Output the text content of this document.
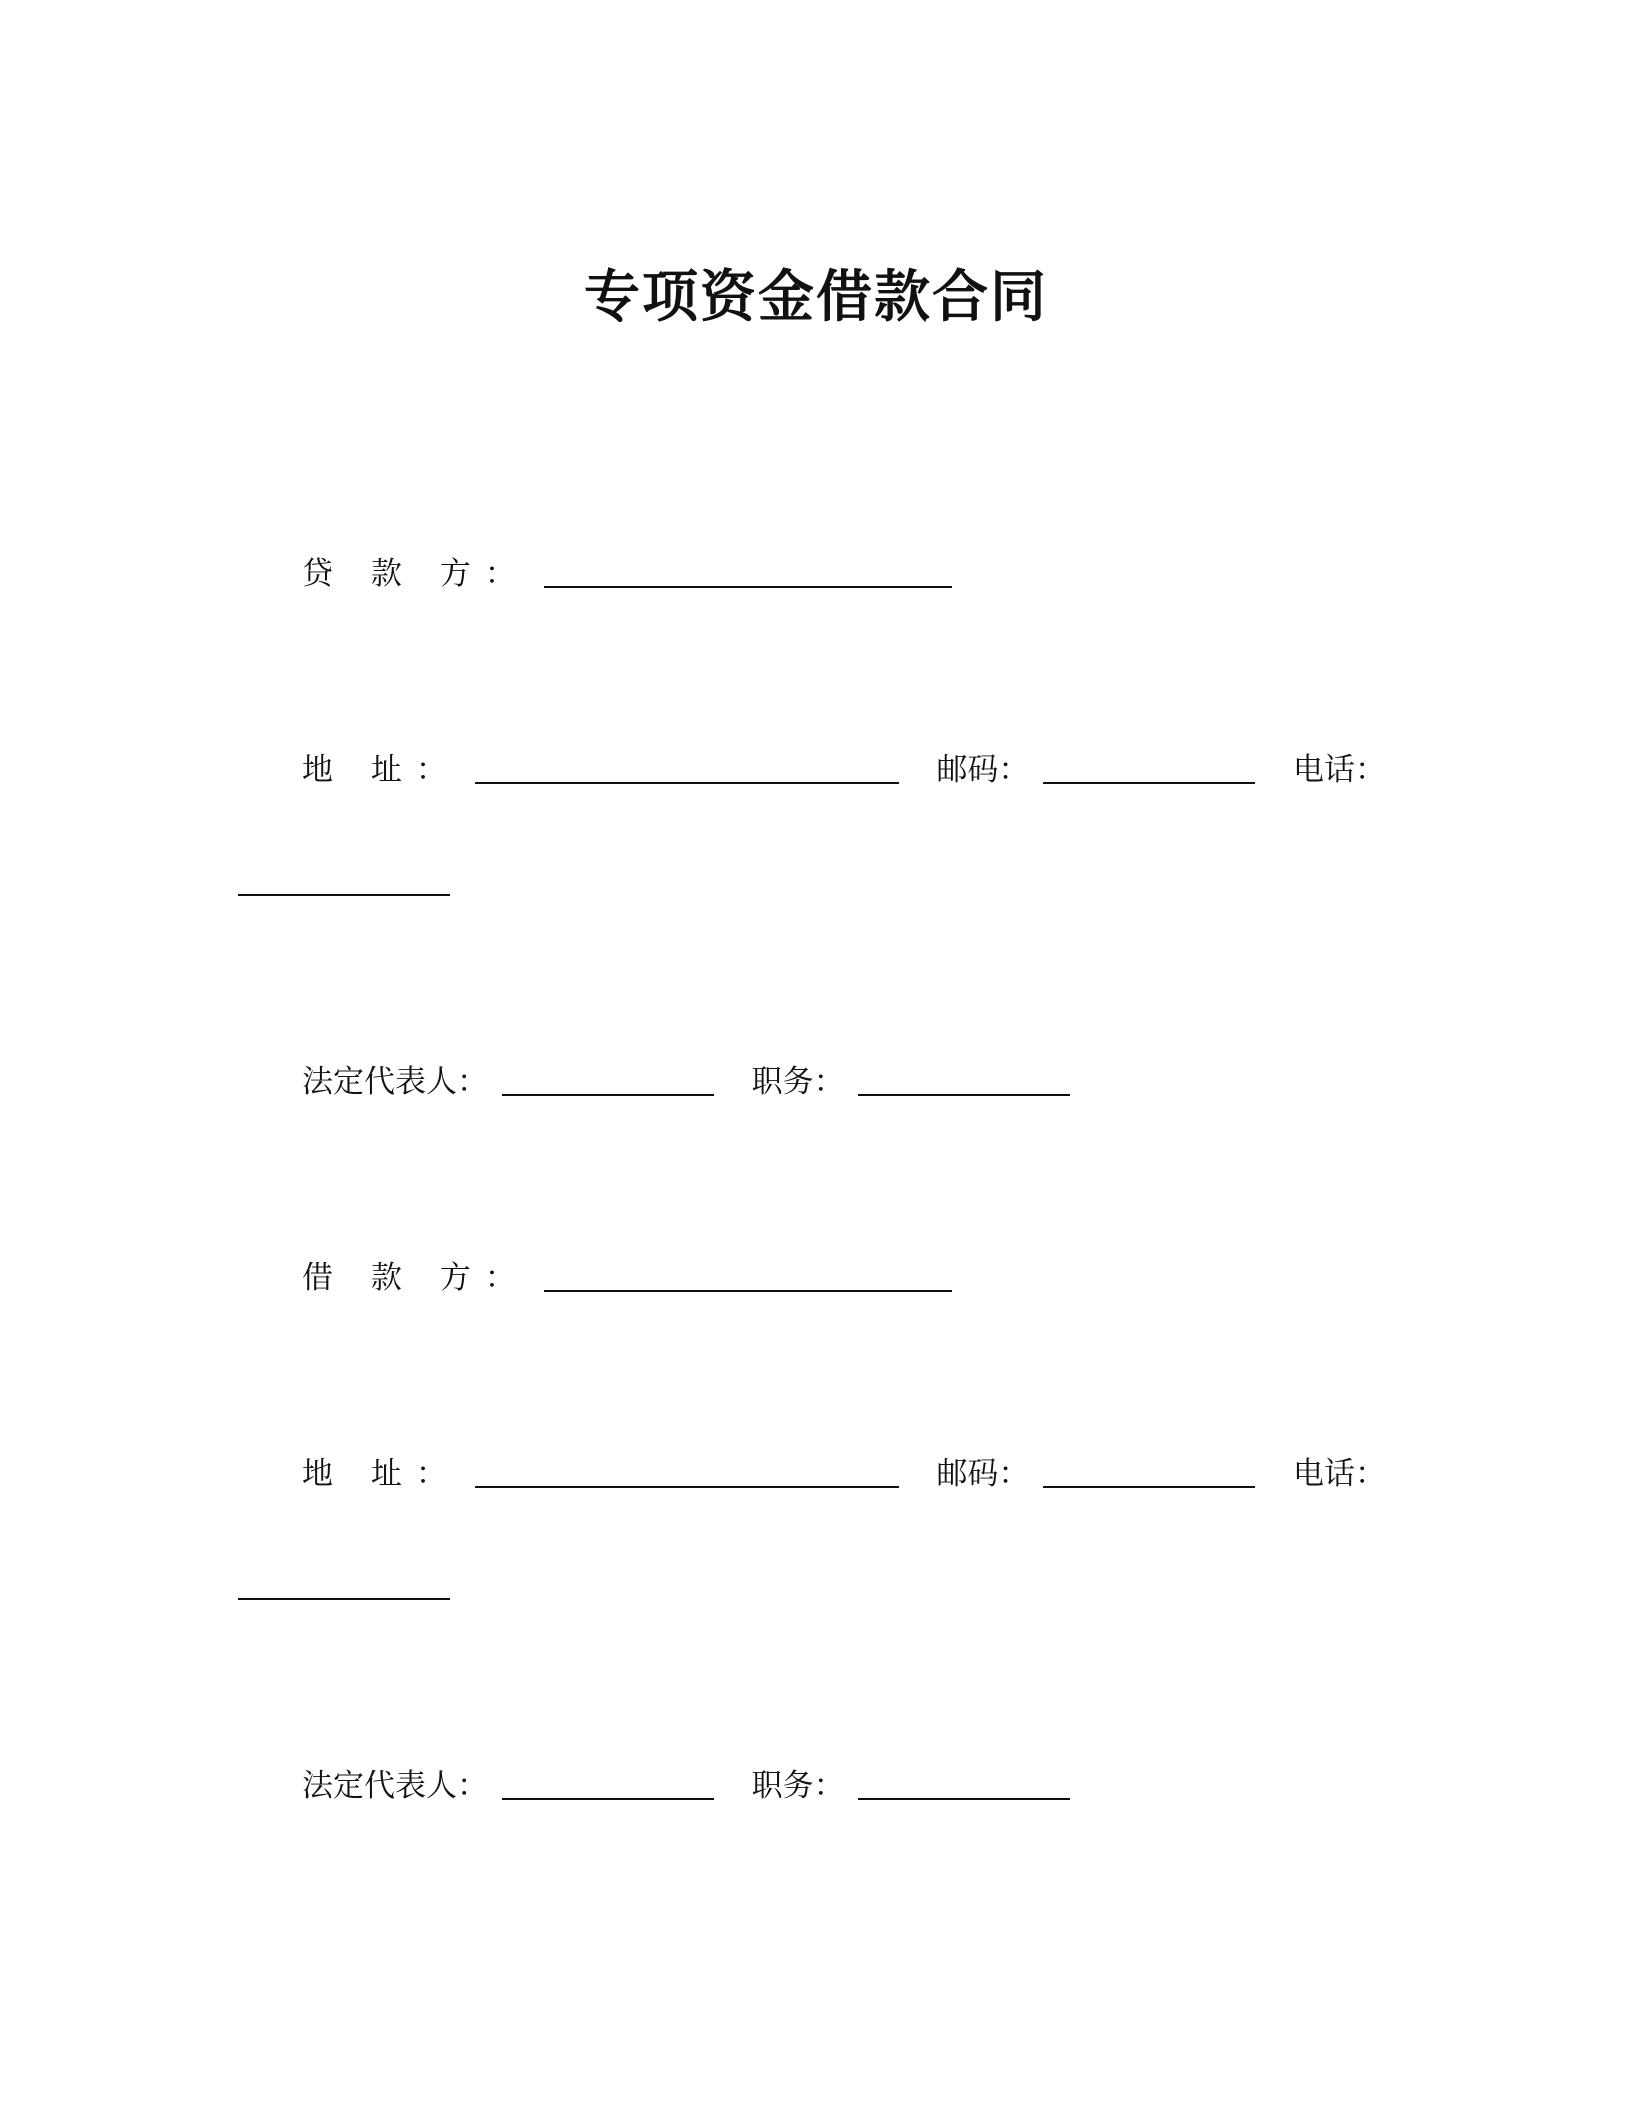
专项资金借款合同
贷 款 方：
地 址：	邮码：	电话：
法定代表人：	职务：
借 款 方：
地 址：	邮码：	电话：
法定代表人：	职务：
